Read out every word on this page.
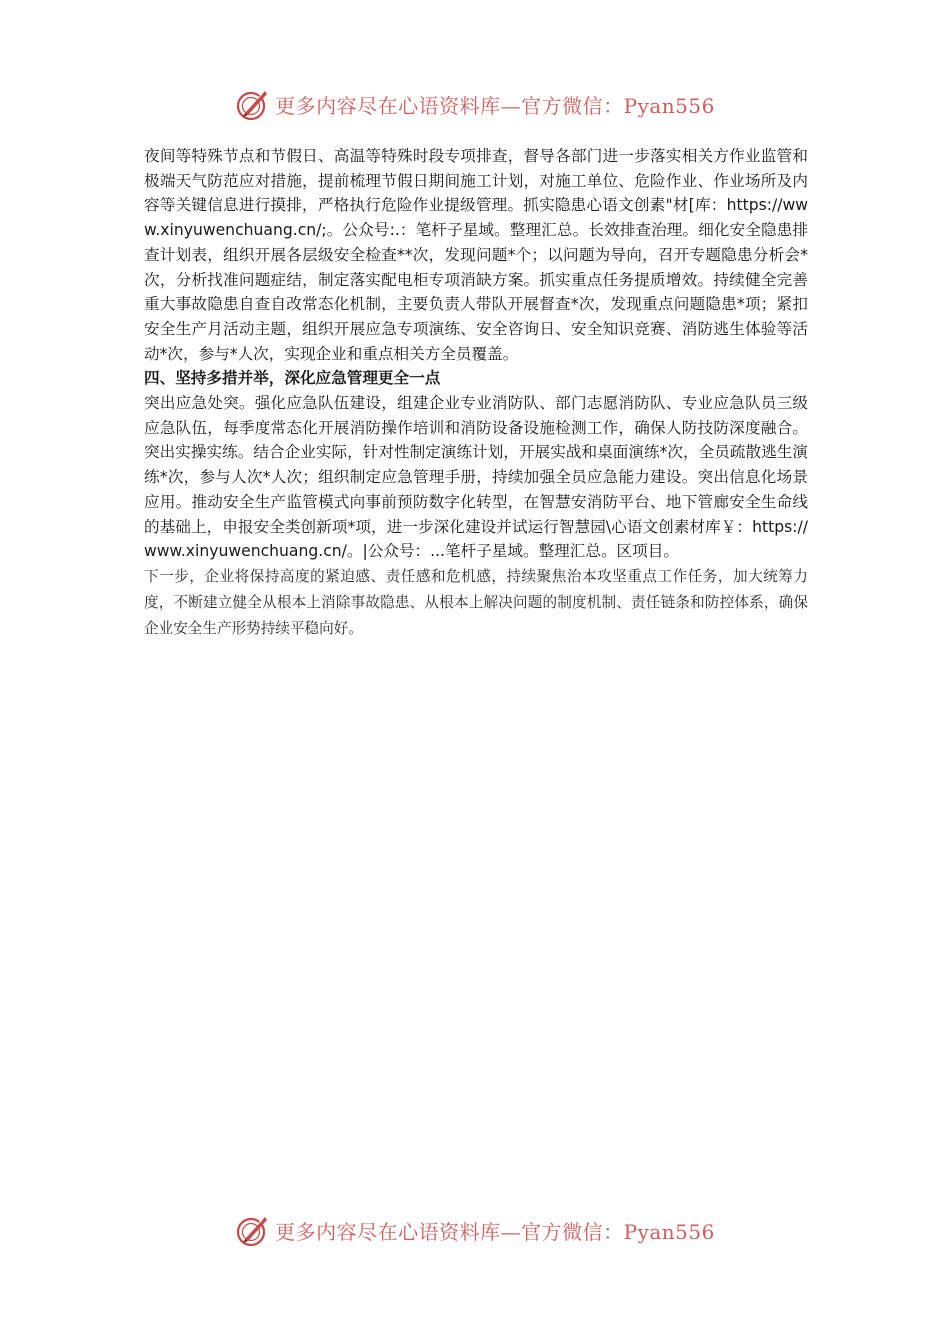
更多内容尽在心语资料库—官方微信：Pyan556

夜间等特殊节点和节假日、高温等特殊时段专项排查，督导各部门进一步落实相关方作业监管和极端天气防范应对措施，提前梳理节假日期间施工计划，对施工单位、危险作业、作业场所及内容等关键信息进行摸排，严格执行危险作业提级管理。抓实隐患心语文创素"材[库：https://www.xinyuwenchuang.cn/;。公众号:.：笔杆子星域。整理汇总。长效排查治理。细化安全隐患排查计划表，组织开展各层级安全检查**次，发现问题*个；以问题为导向，召开专题隐患分析会*次，分析找准问题症结，制定落实配电柜专项消缺方案。抓实重点任务提质增效。持续健全完善重大事故隐患自查自改常态化机制，主要负责人带队开展督查*次，发现重点问题隐患*项；紧扣安全生产月活动主题，组织开展应急专项演练、安全咨询日、安全知识竞赛、消防逃生体验等活动*次，参与*人次，实现企业和重点相关方全员覆盖。

四、坚持多措并举，深化应急管理更全一点

突出应急处突。强化应急队伍建设，组建企业专业消防队、部门志愿消防队、专业应急队员三级应急队伍，每季度常态化开展消防操作培训和消防设备设施检测工作，确保人防技防深度融合。突出实操实练。结合企业实际，针对性制定演练计划，开展实战和桌面演练*次，全员疏散逃生演练*次，参与人次*人次；组织制定应急管理手册，持续加强全员应急能力建设。突出信息化场景应用。推动安全生产监管模式向事前预防数字化转型，在智慧安消防平台、地下管廊安全生命线的基础上，申报安全类创新项*项，进一步深化建设并试运行智慧园\心语文创素材库￥：https://www.xinyuwenchuang.cn/。|公众号：...笔杆子星域。整理汇总。区项目。

下一步，企业将保持高度的紧迫感、责任感和危机感，持续聚焦治本攻坚重点工作任务，加大统筹力度，不断建立健全从根本上消除事故隐患、从根本上解决问题的制度机制、责任链条和防控体系，确保企业安全生产形势持续平稳向好。

更多内容尽在心语资料库—官方微信：Pyan556
